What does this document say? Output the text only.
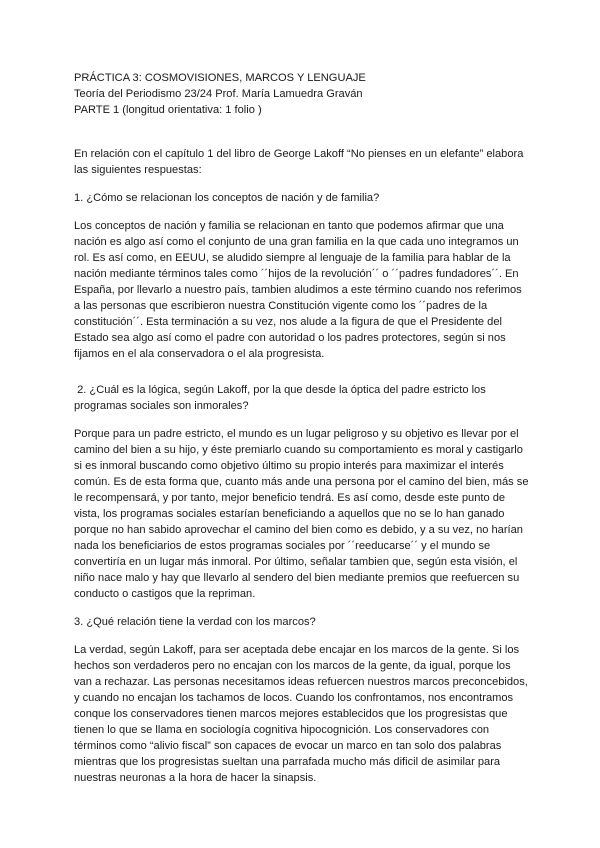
PRÁCTICA 3: COSMOVISIONES, MARCOS Y LENGUAJE
Teoría del Periodismo 23/24 Prof. María Lamuedra Graván
PARTE 1 (longitud orientativa: 1 folio )
En relación con el capítulo 1 del libro de George Lakoff “No pienses en un elefante” elabora
las siguientes respuestas:
1. ¿Cómo se relacionan los conceptos de nación y de familia?
Los conceptos de nación y familia se relacionan en tanto que podemos afirmar que una
nación es algo así como el conjunto de una gran familia en la que cada uno integramos un
rol. Es así como, en EEUU, se aludido siempre al lenguaje de la familia para hablar de la
nación mediante términos tales como ´´hijos de la revolución´´ o ´´padres fundadores´´. En
España, por llevarlo a nuestro país, tambien aludimos a este término cuando nos referimos
a las personas que escribieron nuestra Constitución vigente como los ´´padres de la
constitución´´. Esta terminación a su vez, nos alude a la figura de que el Presidente del
Estado sea algo así como el padre con autoridad o los padres protectores, según si nos
fijamos en el ala conservadora o el ala progresista.
2. ¿Cuál es la lógica, según Lakoff, por la que desde la óptica del padre estricto los
programas sociales son inmorales?
Porque para un padre estricto, el mundo es un lugar peligroso y su objetivo es llevar por el
camino del bien a su hijo, y éste premiarlo cuando su comportamiento es moral y castigarlo
si es inmoral buscando como objetivo último su propio interés para maximizar el interés
común. Es de esta forma que, cuanto más ande una persona por el camino del bien, más se
le recompensará, y por tanto, mejor beneficio tendrá. Es así como, desde este punto de
vista, los programas sociales estarían beneficiando a aquellos que no se lo han ganado
porque no han sabido aprovechar el camino del bien como es debido, y a su vez, no harían
nada los beneficiarios de estos programas sociales por ´´reeducarse´´ y el mundo se
convertiría en un lugar más inmoral. Por último, señalar tambien que, según esta visión, el
niño nace malo y hay que llevarlo al sendero del bien mediante premios que reefuercen su
conducto o castigos que la repriman.
3. ¿Qué relación tiene la verdad con los marcos?
La verdad, según Lakoff, para ser aceptada debe encajar en los marcos de la gente. Si los
hechos son verdaderos pero no encajan con los marcos de la gente, da igual, porque los
van a rechazar. Las personas necesitamos ideas refuercen nuestros marcos preconcebidos,
y cuando no encajan los tachamos de locos. Cuando los confrontamos, nos encontramos
conque los conservadores tienen marcos mejores establecidos que los progresistas que
tienen lo que se llama en sociología cognitiva hipocognición. Los conservadores con
términos como “alivio fiscal” son capaces de evocar un marco en tan solo dos palabras
mientras que los progresistas sueltan una parrafada mucho más dificil de asimilar para
nuestras neuronas a la hora de hacer la sinapsis.
